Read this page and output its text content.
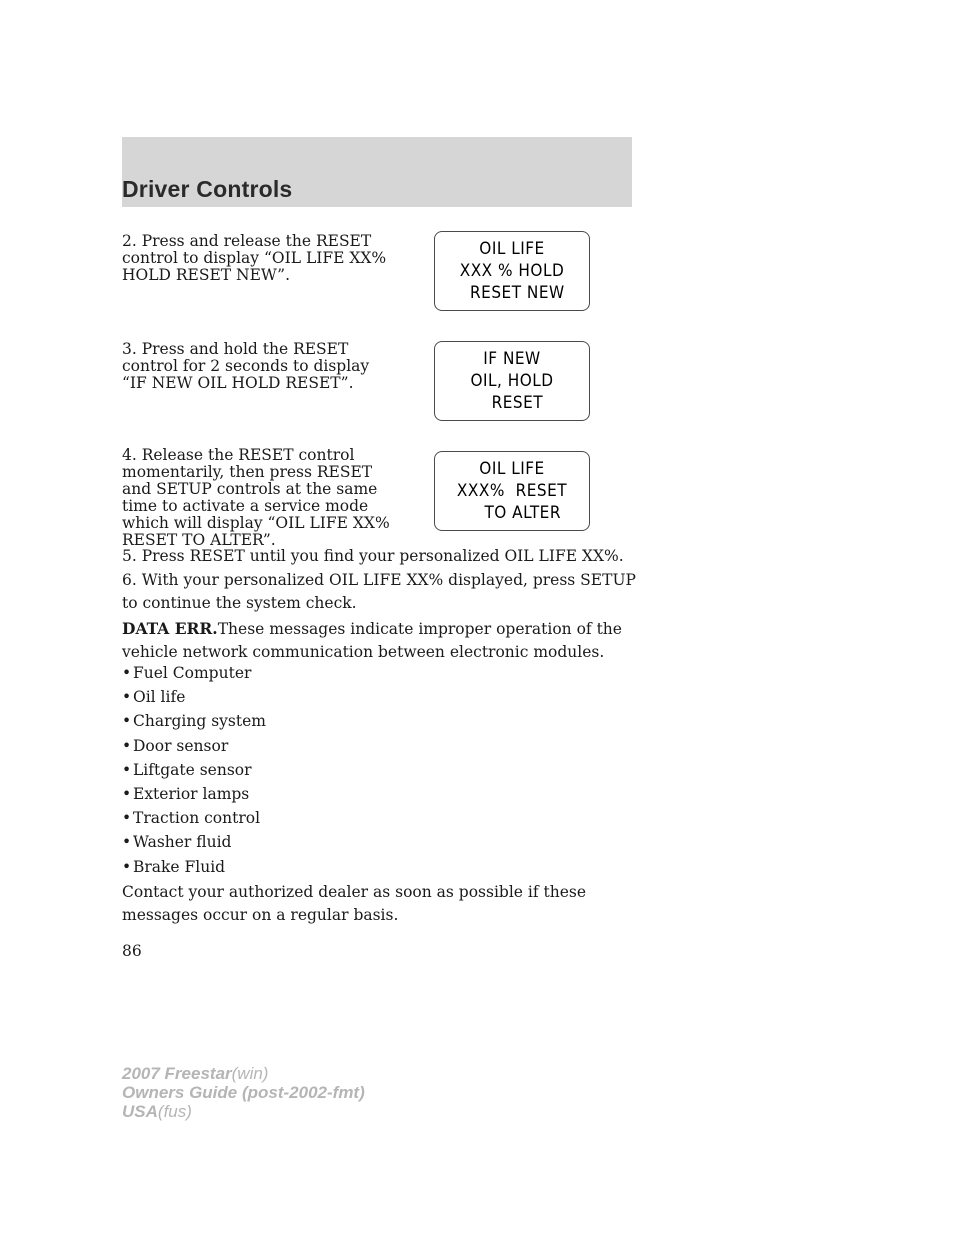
Driver Controls
2. Press and release the RESET control to display “OIL LIFE XX% HOLD RESET NEW”.
OIL LIFE
XXX % HOLD
RESET NEW
3. Press and hold the RESET control for 2 seconds to display “IF NEW OIL HOLD RESET”.
IF NEW
OIL, HOLD
RESET
4. Release the RESET control momentarily, then press RESET and SETUP controls at the same time to activate a service mode which will display “OIL LIFE XX% RESET TO ALTER”.
OIL LIFE
XXX%  RESET
TO ALTER
5. Press RESET until you find your personalized OIL LIFE XX%.
6. With your personalized OIL LIFE XX% displayed, press SETUP to continue the system check.
DATA ERR.These messages indicate improper operation of the vehicle network communication between electronic modules.
• Fuel Computer
• Oil life
• Charging system
• Door sensor
• Liftgate sensor
• Exterior lamps
• Traction control
• Washer fluid
• Brake Fluid
Contact your authorized dealer as soon as possible if these messages occur on a regular basis.
86
2007 Freestar(win)
Owners Guide (post-2002-fmt)
USA(fus)
